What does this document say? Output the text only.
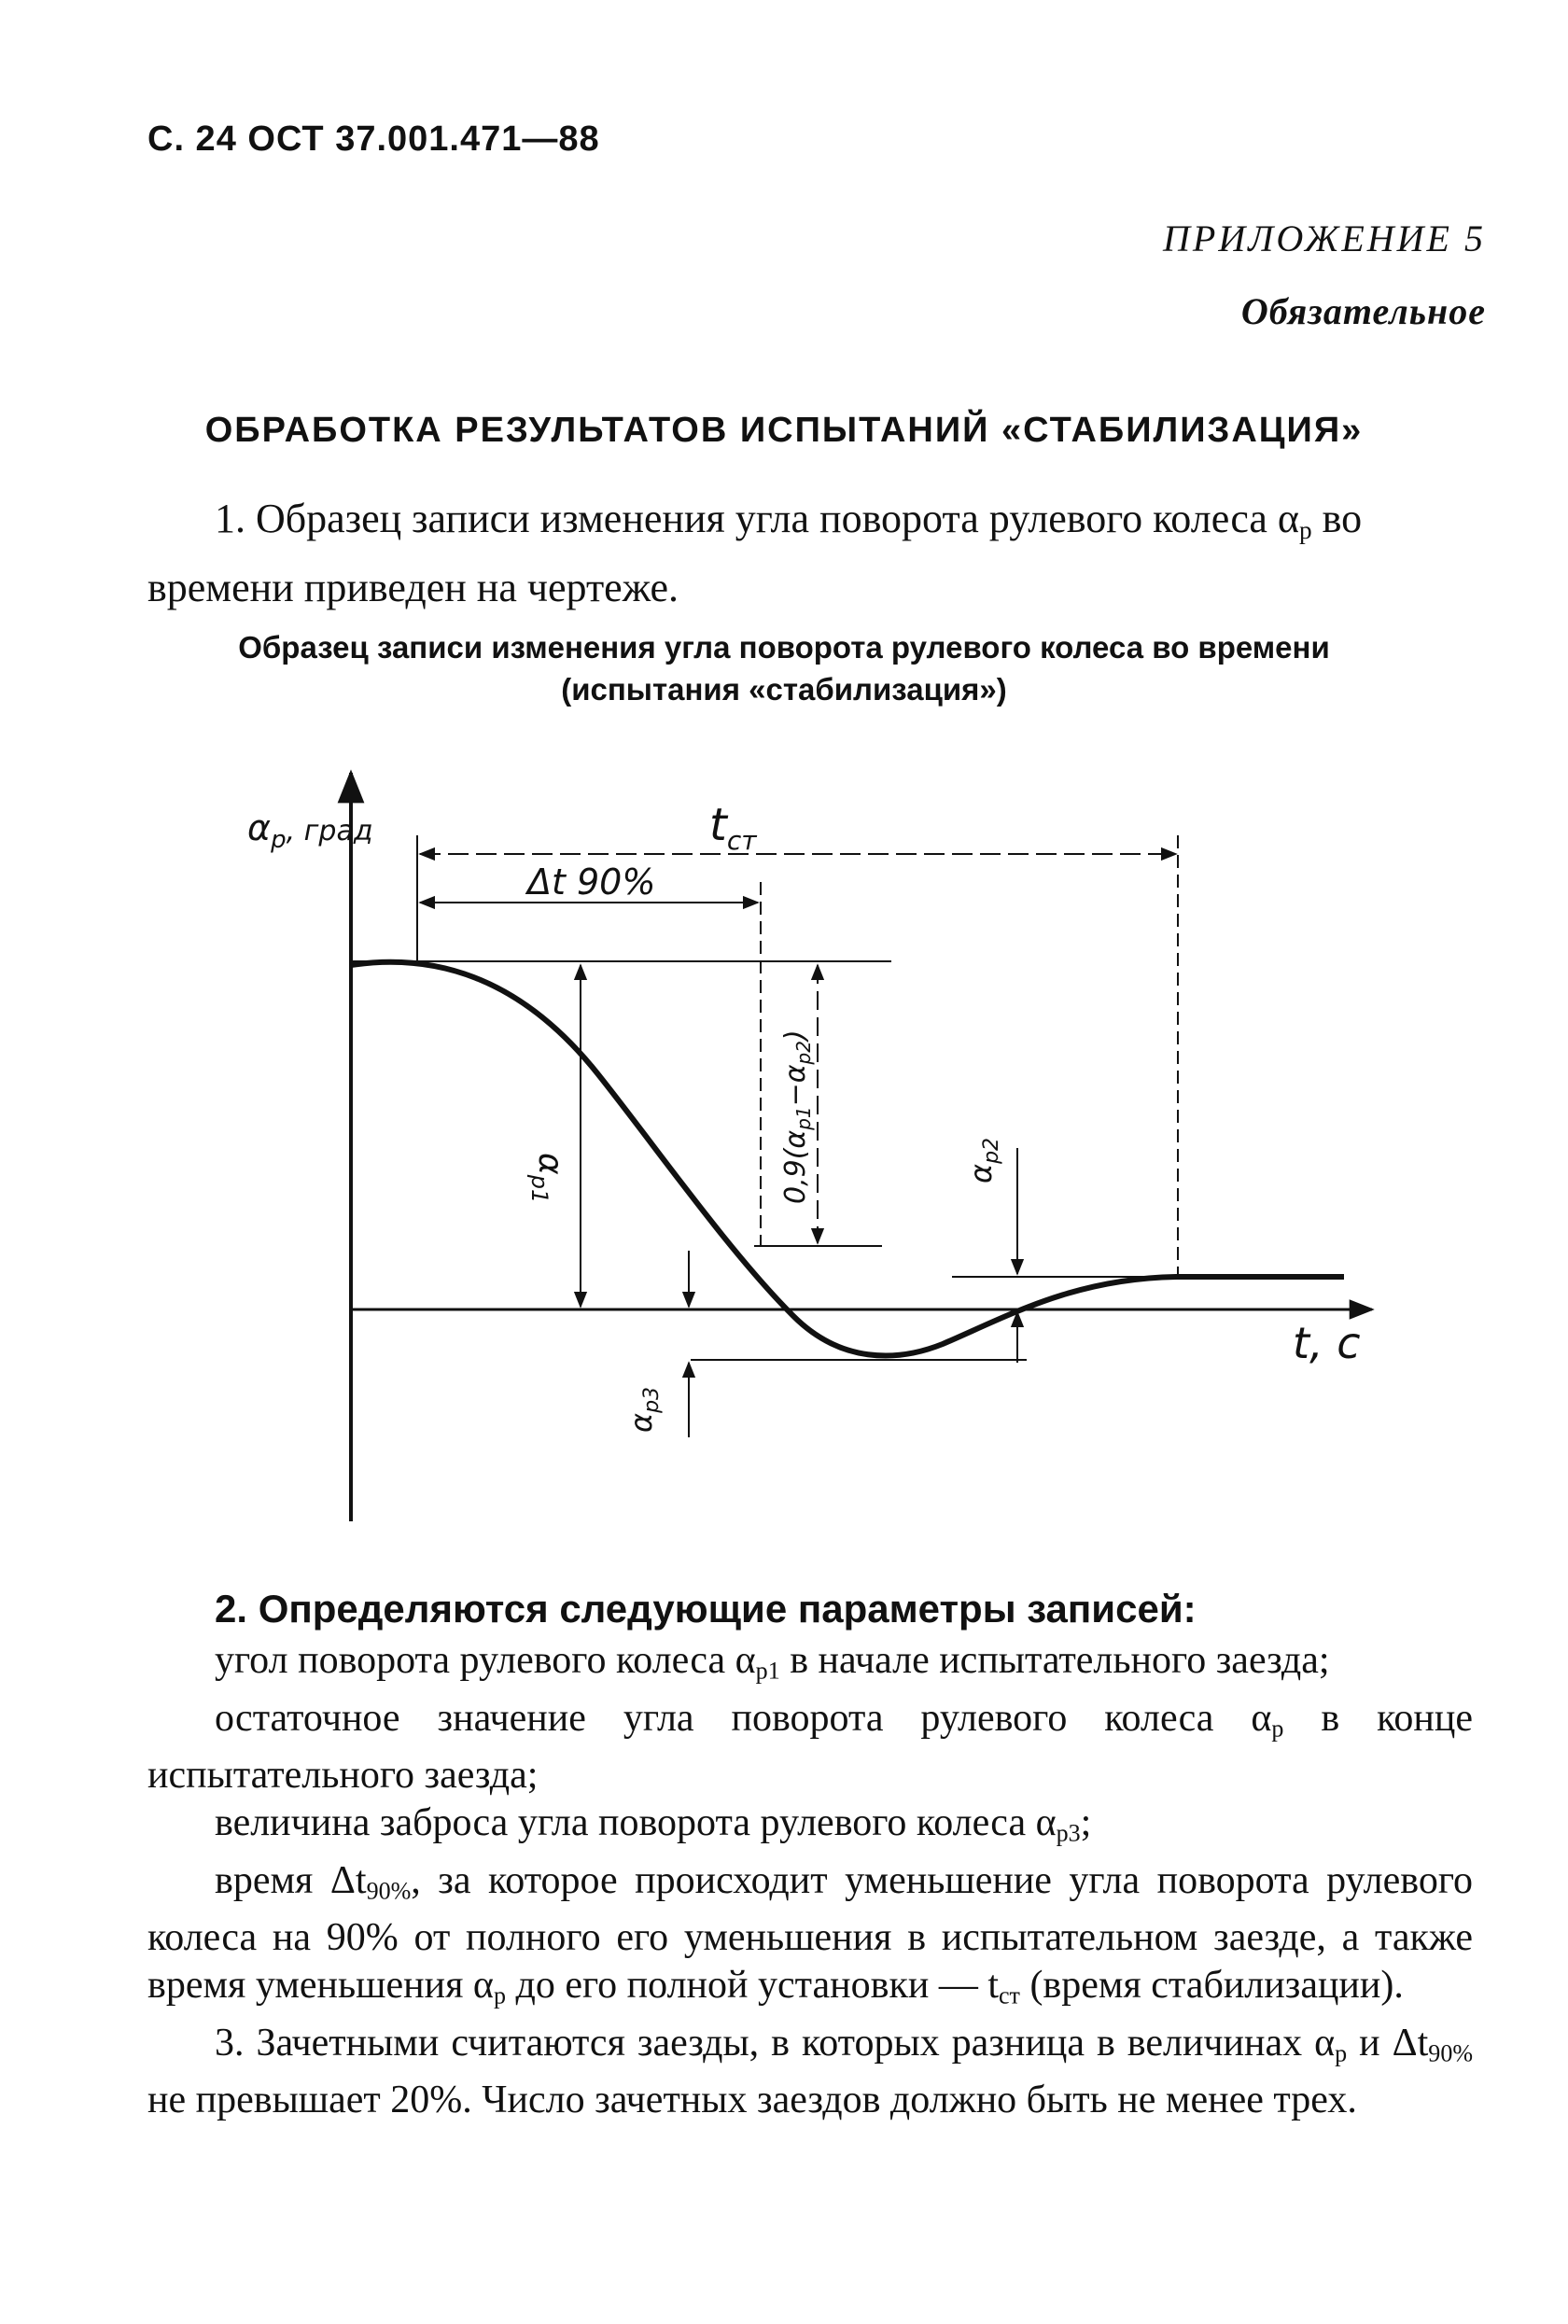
С. 24 ОСТ 37.001.471—88
ПРИЛОЖЕНИЕ 5
Обязательное
ОБРАБОТКА РЕЗУЛЬТАТОВ ИСПЫТАНИЙ «СТАБИЛИЗАЦИЯ»
1. Образец записи изменения угла поворота рулевого колеса $\alpha_р$ во времени приведен на чертеже.
Образец записи изменения угла поворота рулевого колеса во времени
(испытания «стабилизация»)
$\alpha_р^{, град}$
t, с
$t_{ст}$
Δt 90%
$\alpha_{р1}$	$0,9(\alpha_{р1}-\alpha_{р2})$
$\alpha_{р2}$
$\alpha_{р3}$
2. Определяются следующие параметры записей:

угол поворота рулевого колеса $\alpha_{р1}$ в начале испытательного заезда;

остаточное значение угла поворота рулевого колеса $\alpha_р$ в конце испытательного заезда;

величина заброса угла поворота рулевого колеса $\alpha_{р3}$;

время $\Delta t_{90\%}$, за которое происходит уменьшение угла поворота рулевого колеса на 90% от полного его уменьшения в испытательном заезде, а также время уменьшения $\alpha_р$ до его полной установки — $t_{ст}$ (время стабилизации).

3. Зачетными считаются заезды, в которых разница в величинах $\alpha_р$ и $\Delta t_{90\%}$ не превышает 20%. Число зачетных заездов должно быть не менее трех.
